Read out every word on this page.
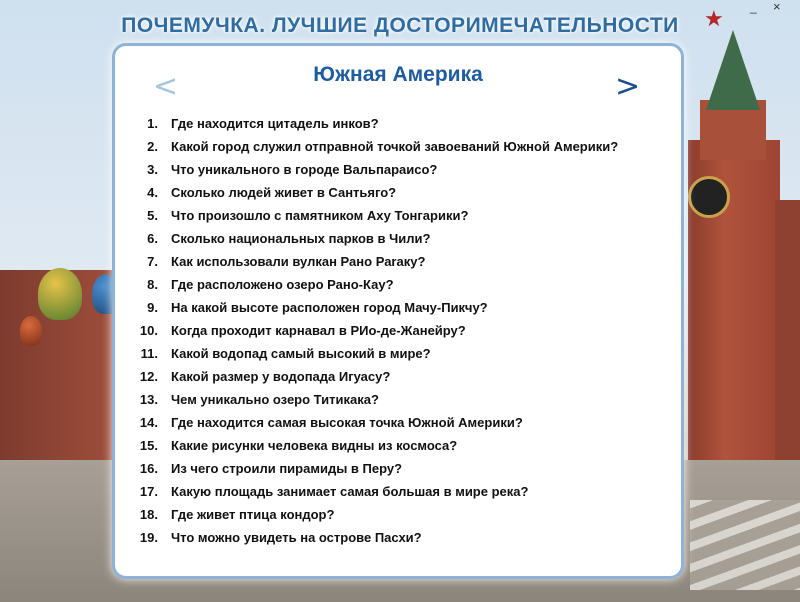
★
ПОЧЕМУЧКА. ЛУЧШИЕ ДОСТОРИМЕЧАТЕЛЬНОСТИ
_ ×
Южная Америка
<	>
1.	Где находится цитадель инков?
2.	Какой город служил отправной точкой завоеваний Южной Америки?
3.	Что уникального в городе Вальпараисо?
4.	Сколько людей живет в Сантьяго?
5.	Что произошло с памятником Аху Тонгарики?
6.	Сколько национальных парков в Чили?
7.	Как использовали вулкан Рано Раraку?
8.	Где расположено озеро Рано-Кау?
9.	На какой высоте расположен город Мачу-Пикчу?
10.	Когда проходит карнавал в РИо-де-Жанейру?
11.	Какой водопад самый высокий в мире?
12.	Какой размер у водопада Игуасу?
13.	Чем уникально озеро Титикака?
14.	Где находится самая высокая точка Южной Америки?
15.	Какие рисунки человека видны из космоса?
16.	Из чего строили пирамиды в Перу?
17.	Какую площадь занимает самая большая в мире река?
18.	Где живет птица кондор?
19.	Что можно увидеть на острове Пасхи?
